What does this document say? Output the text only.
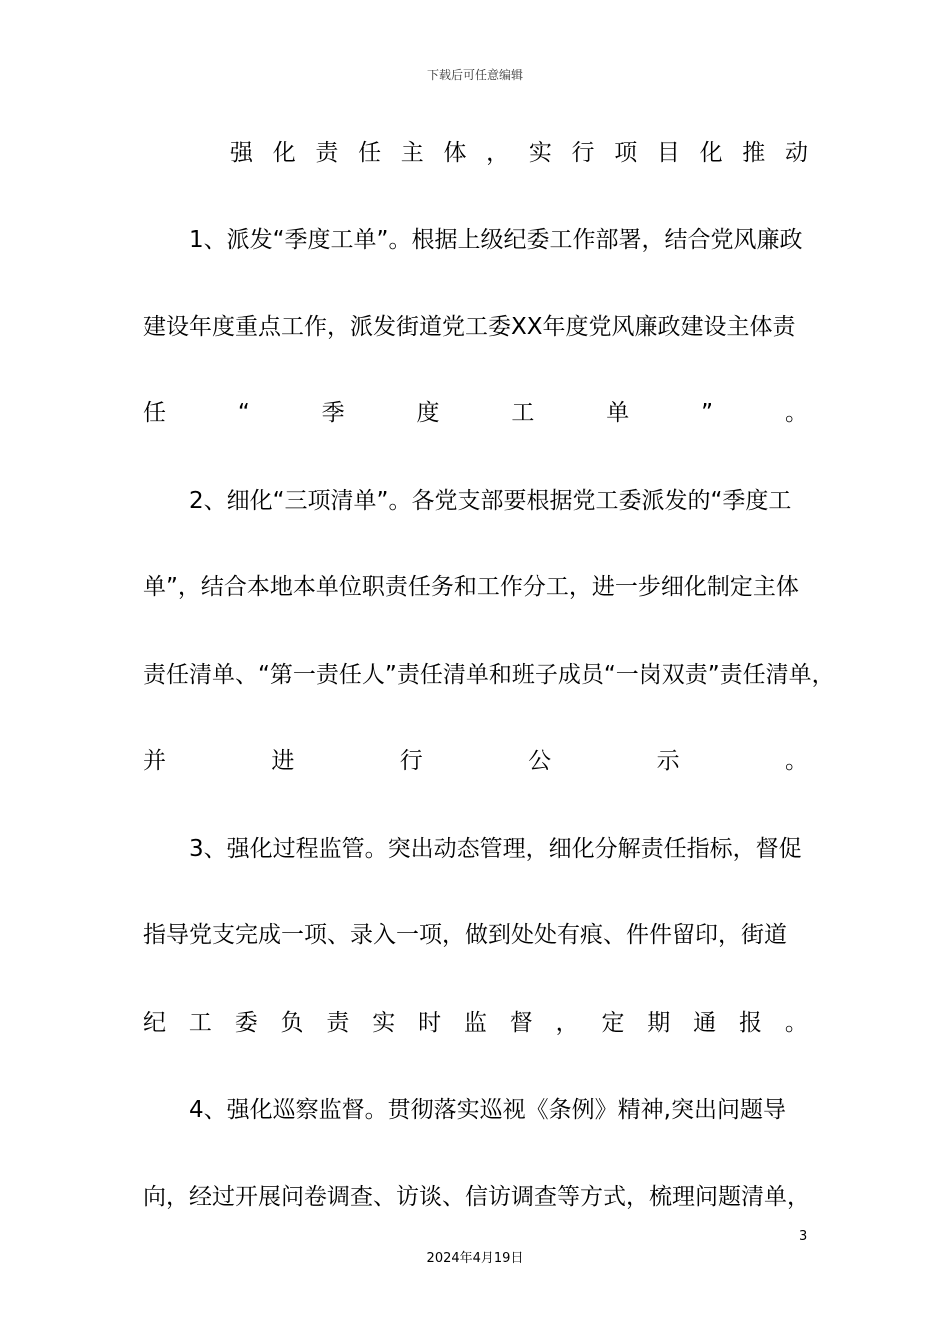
下载后可任意编辑
强 化 责 任 主 体 ， 实 行 项 目 化 推 动
1、派发“季度工单”。根据上级纪委工作部署，结合党风廉政
建设年度重点工作，派发街道党工委XX年度党风廉政建设主体责
任	“	季	度	工	单	”	。
2、细化“三项清单”。各党支部要根据党工委派发的“季度工
单”，结合本地本单位职责任务和工作分工，进一步细化制定主体
责任清单、“第一责任人”责任清单和班子成员“一岗双责”责任清单，
并	进	行	公	示	。
3、强化过程监管。突出动态管理，细化分解责任指标，督促
指导党支完成一项、录入一项，做到处处有痕、件件留印，街道
纪 工 委 负 责 实 时 监 督 ， 定 期 通 报 。
4、强化巡察监督。贯彻落实巡视《条例》精神,突出问题导
向，经过开展问卷调查、访谈、信访调查等方式，梳理问题清单，
3
2024年4月19日
